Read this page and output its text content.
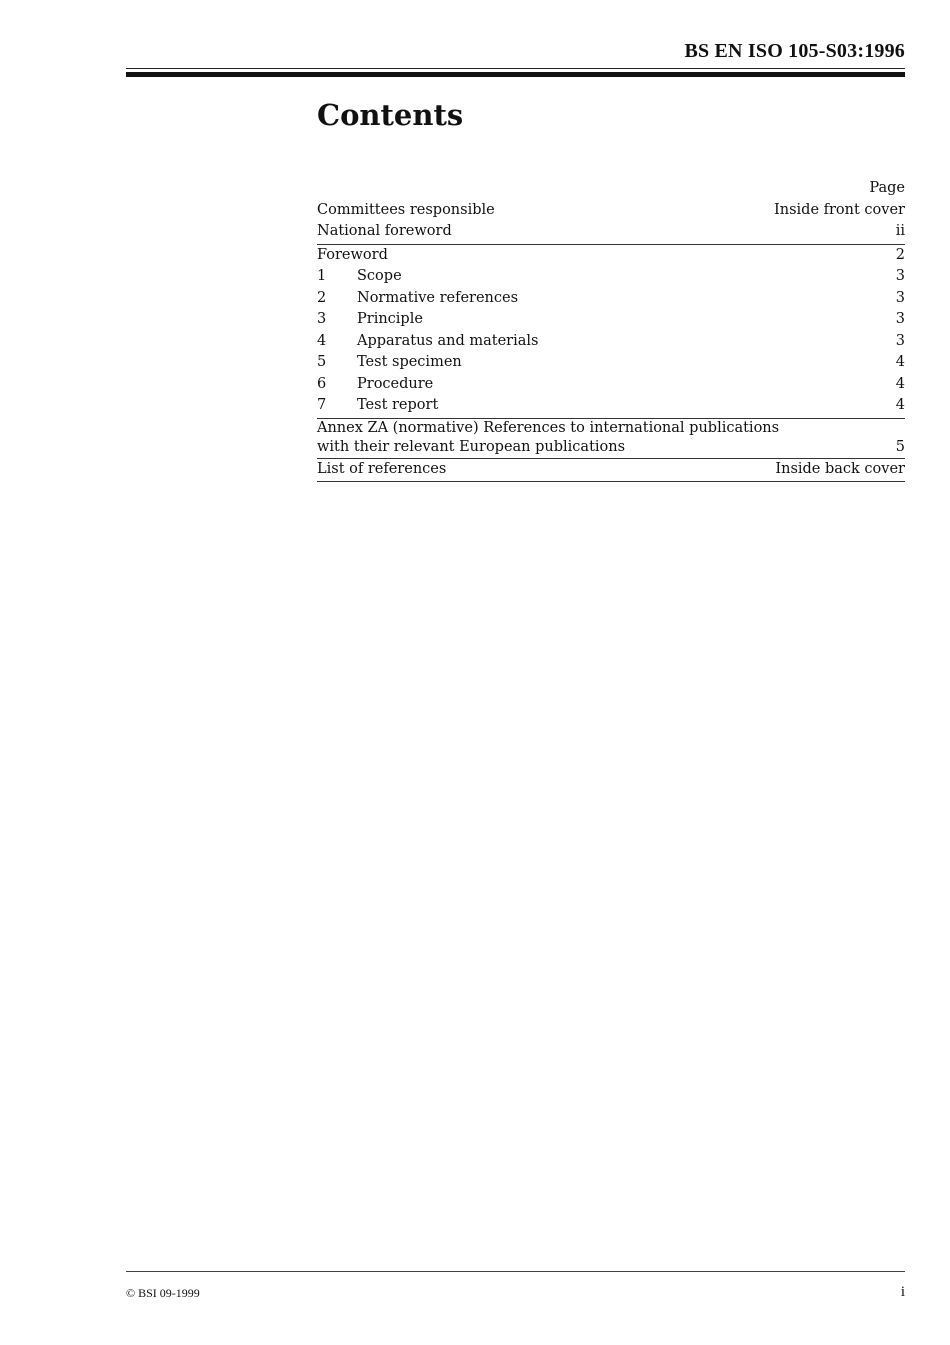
BS EN ISO 105-S03:1996
Contents
Page
Committees responsible	Inside front cover
National foreword	ii
Foreword	2
1	Scope	3
2	Normative references	3
3	Principle	3
4	Apparatus and materials	3
5	Test specimen	4
6	Procedure	4
7	Test report	4
Annex ZA (normative) References to international publications
with their relevant European publications	5
List of references	Inside back cover
© BSI 09-1999	i
